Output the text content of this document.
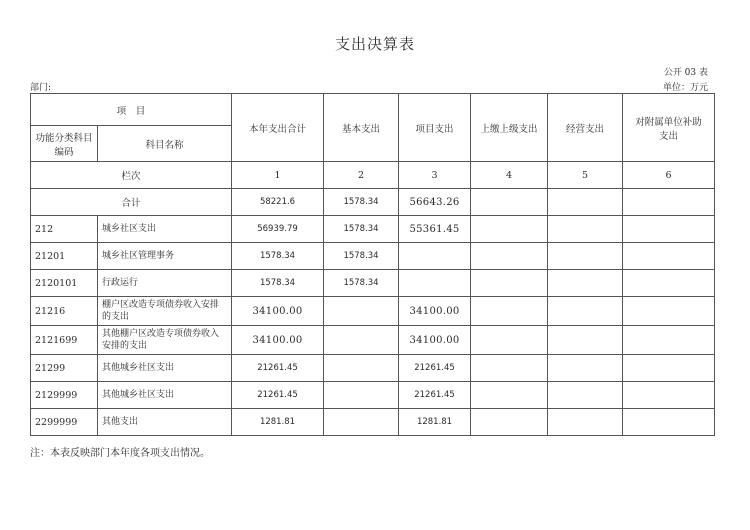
支出决算表
公开 03 表
部门:	单位：万元
项　目		本年支出合计	基本支出	项目支出	上缴上级支出	经营支出	对附属单位补助支出
功能分类科目编码	科目名称						
栏次		1	2	3	4	5	6
合计		58221.6	1578.34	56643.26			
212	城乡社区支出	56939.79	1578.34	55361.45			
21201	城乡社区管理事务	1578.34	1578.34				
2120101	行政运行	1578.34	1578.34				
21216	棚户区改造专项债券收入安排的支出	34100.00		34100.00			
2121699	其他棚户区改造专项债券收入安排的支出	34100.00		34100.00			
21299	其他城乡社区支出	21261.45		21261.45			
2129999	其他城乡社区支出	21261.45		21261.45			
2299999	其他支出	1281.81		1281.81			
注：本表反映部门本年度各项支出情况。
